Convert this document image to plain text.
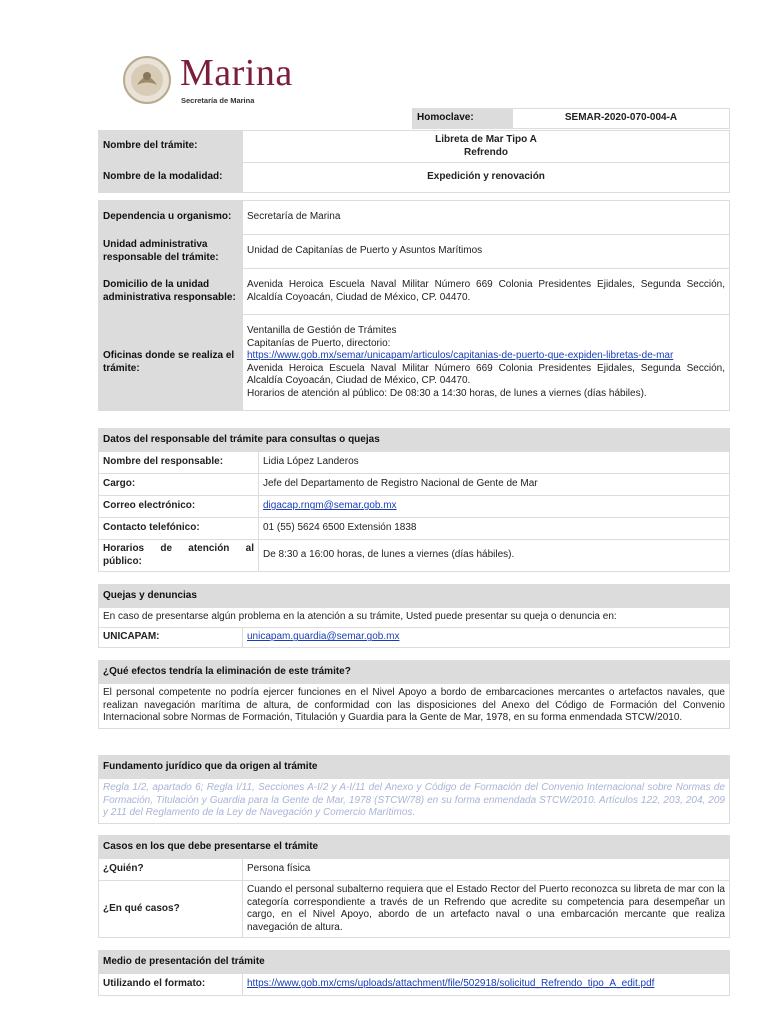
Marina
Secretaría de Marina
Homoclave:	SEMAR-2020-070-004-A
Nombre del trámite:	Libreta de Mar Tipo A
Refrendo

Nombre de la modalidad:	Expedición y renovación
Dependencia u organismo:	Secretaría de Marina
Unidad administrativa responsable del trámite:	Unidad de Capitanías de Puerto y Asuntos Marítimos
Domicilio de la unidad administrativa responsable:	Avenida Heroica Escuela Naval Militar Número 669 Colonia Presidentes Ejidales, Segunda Sección, Alcaldía Coyoacán, Ciudad de México, CP. 04470.
Oficinas donde se realiza el trámite:	Ventanilla de Gestión de Trámites
Capitanías de Puerto, directorio:
https://www.gob.mx/semar/unicapam/articulos/capitanias-de-puerto-que-expiden-libretas-de-mar
Avenida Heroica Escuela Naval Militar Número 669 Colonia Presidentes Ejidales, Segunda Sección, Alcaldía Coyoacán, Ciudad de México, CP. 04470.
Horarios de atención al público: De 08:30 a 14:30 horas, de lunes a viernes (días hábiles).
Datos del responsable del trámite para consultas o quejas	
Nombre del responsable:	Lidia López Landeros
Cargo:	Jefe del Departamento de Registro Nacional de Gente de Mar
Correo electrónico:	digacap.rngm@semar.gob.mx
Contacto telefónico:	01 (55) 5624 6500 Extensión 1838
Horarios de atención al público:	De 8:30 a 16:00 horas, de lunes a viernes (días hábiles).
Quejas y denuncias
En caso de presentarse algún problema en la atención a su trámite, Usted puede presentar su queja o denuncia en:
UNICAPAM:	unicapam.guardia@semar.gob.mx
¿Qué efectos tendría la eliminación de este trámite?
El personal competente no podría ejercer funciones en el Nivel Apoyo a bordo de embarcaciones mercantes o artefactos navales, que realizan navegación marítima de altura, de conformidad con las disposiciones del Anexo del Código de Formación del Convenio Internacional sobre Normas de Formación, Titulación y Guardia para la Gente de Mar, 1978, en su forma enmendada STCW/2010.
Fundamento jurídico que da origen al trámite
Regla 1/2, apartado 6; Regla I/11, Secciones A-I/2 y A-I/11 del Anexo y Código de Formación del Convenio Internacional sobre Normas de Formación, Titulación y Guardia para la Gente de Mar, 1978 (STCW/78) en su forma enmendada STCW/2010. Artículos 122, 203, 204, 209 y 211 del Reglamento de la Ley de Navegación y Comercio Marítimos.
Casos en los que debe presentarse el trámite	
¿Quién?	Persona física
¿En qué casos?	Cuando el personal subalterno requiera que el Estado Rector del Puerto reconozca su libreta de mar con la categoría correspondiente a través de un Refrendo que acredite su competencia para desempeñar un cargo, en el Nivel Apoyo, abordo de un artefacto naval o una embarcación mercante que realiza navegación de altura.
Medio de presentación del trámite
Utilizando el formato:	https://www.gob.mx/cms/uploads/attachment/file/502918/solicitud_Refrendo_tipo_A_edit.pdf
